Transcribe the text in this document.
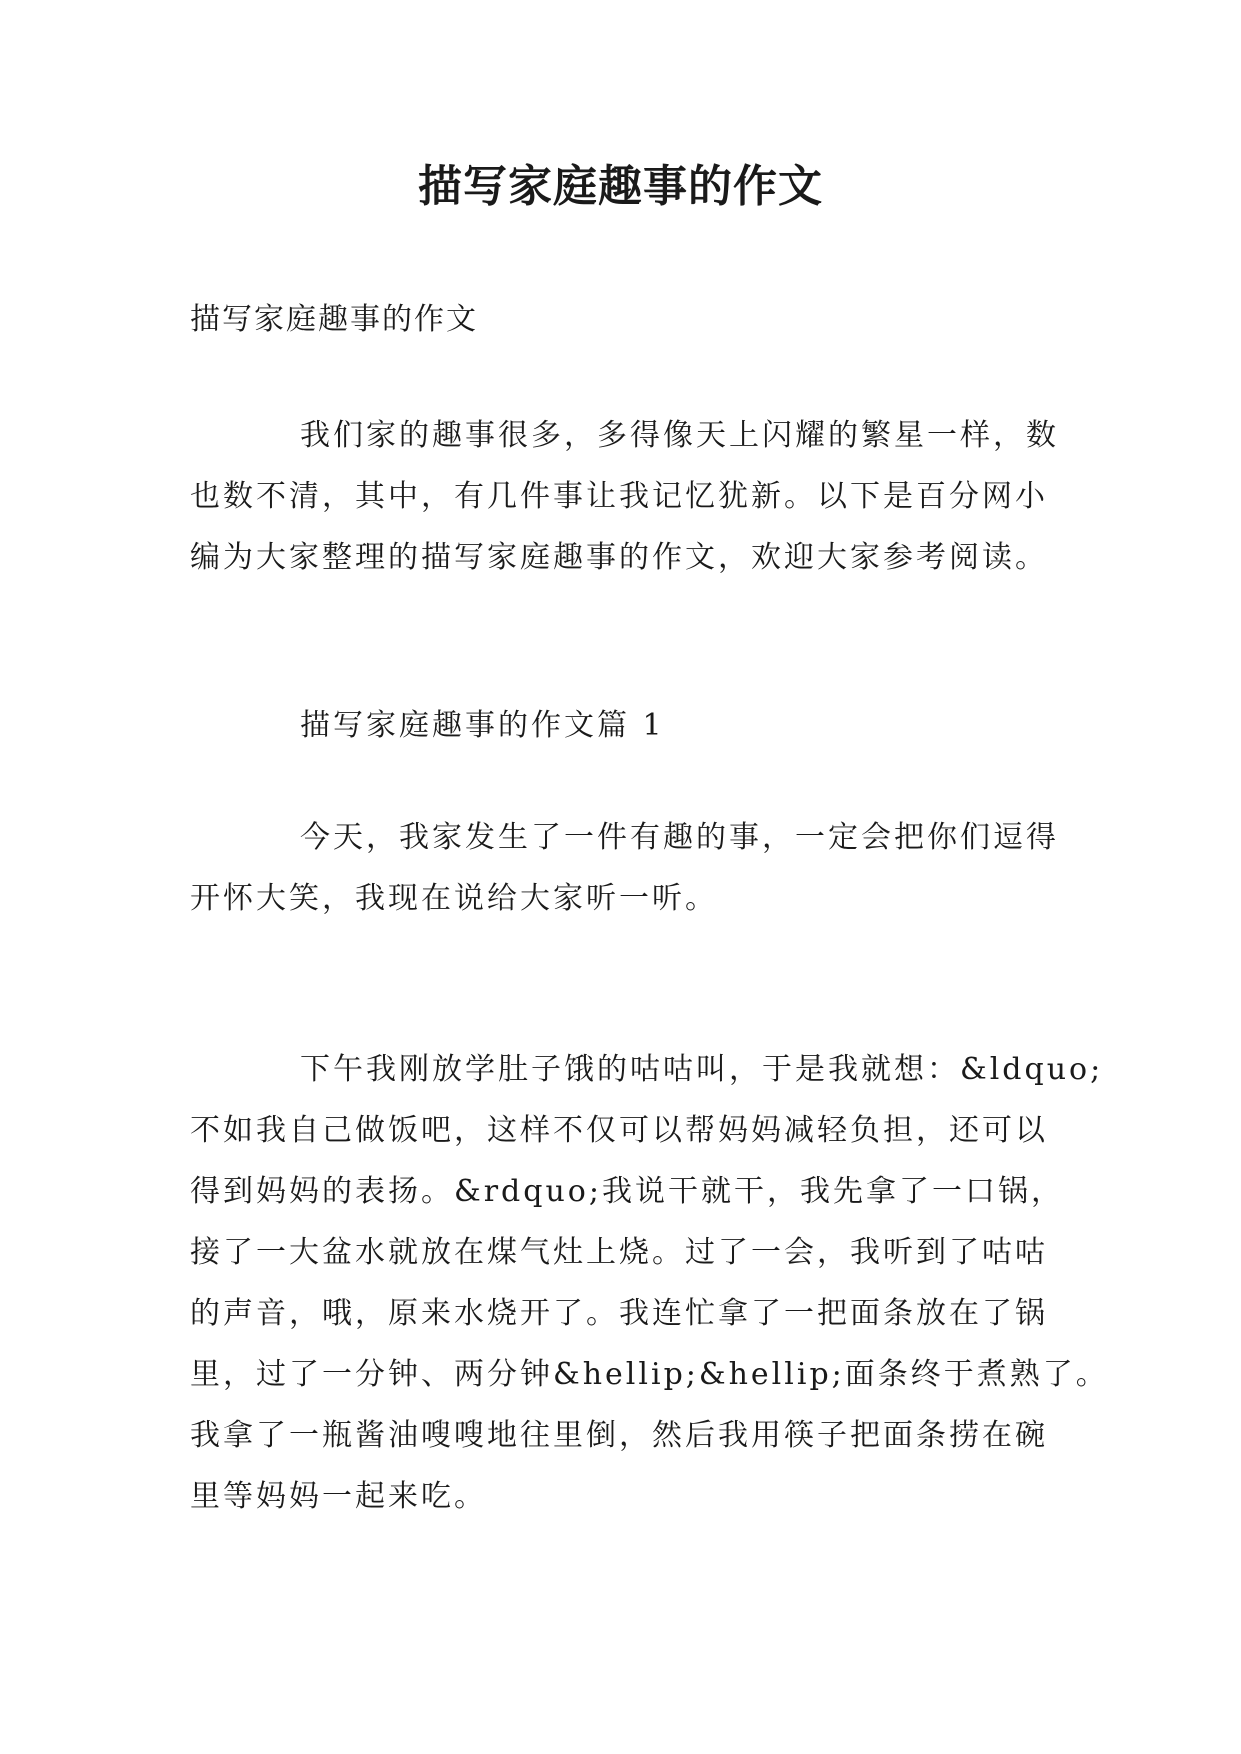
描写家庭趣事的作文

描写家庭趣事的作文

我们家的趣事很多，多得像天上闪耀的繁星一样，数
也数不清，其中，有几件事让我记忆犹新。以下是百分网小
编为大家整理的描写家庭趣事的作文，欢迎大家参考阅读。
描写家庭趣事的作文篇 1
今天，我家发生了一件有趣的事，一定会把你们逗得
开怀大笑，我现在说给大家听一听。
下午我刚放学肚子饿的咕咕叫，于是我就想：&ldquo;
不如我自己做饭吧，这样不仅可以帮妈妈减轻负担，还可以
得到妈妈的表扬。&rdquo;我说干就干，我先拿了一口锅，
接了一大盆水就放在煤气灶上烧。过了一会，我听到了咕咕
的声音，哦，原来水烧开了。我连忙拿了一把面条放在了锅
里，过了一分钟、两分钟&hellip;&hellip;面条终于煮熟了。
我拿了一瓶酱油嗖嗖地往里倒，然后我用筷子把面条捞在碗
里等妈妈一起来吃。
